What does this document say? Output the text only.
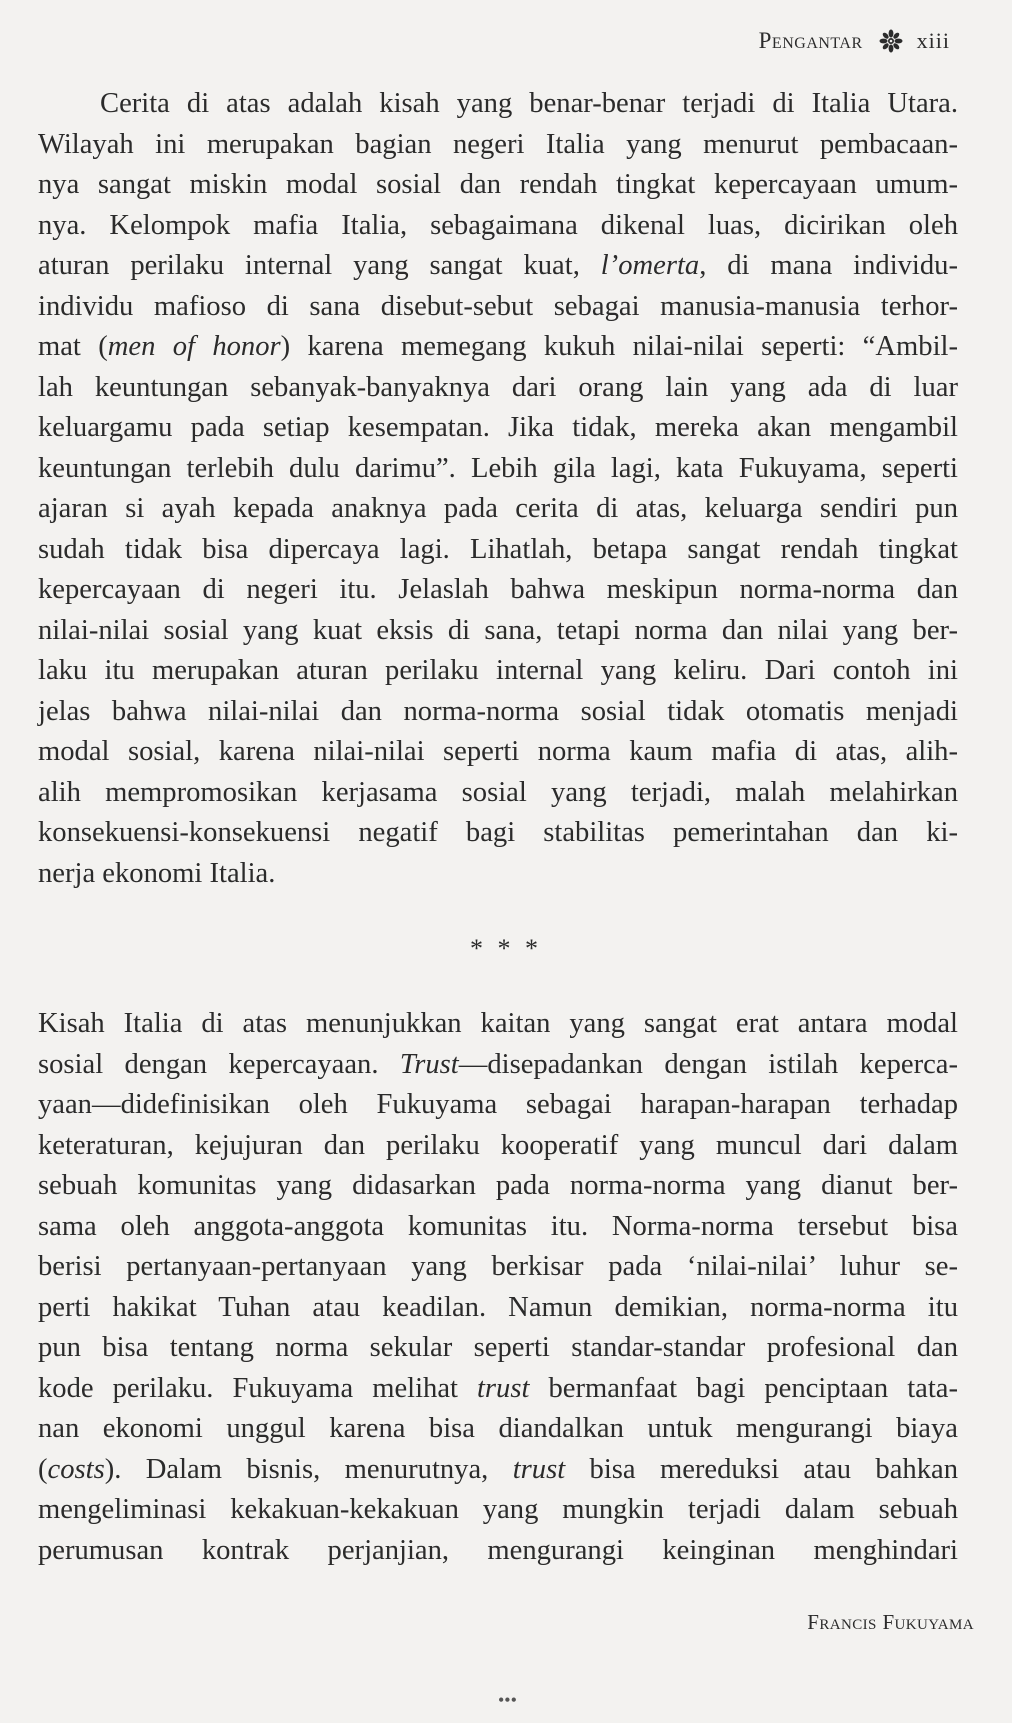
Pengantar xiii
Cerita di atas adalah kisah yang benar-benar terjadi di Italia Utara.
Wilayah ini merupakan bagian negeri Italia yang menurut pembacaan-
nya sangat miskin modal sosial dan rendah tingkat kepercayaan umum-
nya. Kelompok mafia Italia, sebagaimana dikenal luas, dicirikan oleh
aturan perilaku internal yang sangat kuat, l’omerta, di mana individu-
individu mafioso di sana disebut-sebut sebagai manusia-manusia terhor-
mat (men of honor) karena memegang kukuh nilai-nilai seperti: “Ambil-
lah keuntungan sebanyak-banyaknya dari orang lain yang ada di luar
keluargamu pada setiap kesempatan. Jika tidak, mereka akan mengambil
keuntungan terlebih dulu darimu”. Lebih gila lagi, kata Fukuyama, seperti
ajaran si ayah kepada anaknya pada cerita di atas, keluarga sendiri pun
sudah tidak bisa dipercaya lagi. Lihatlah, betapa sangat rendah tingkat
kepercayaan di negeri itu. Jelaslah bahwa meskipun norma-norma dan
nilai-nilai sosial yang kuat eksis di sana, tetapi norma dan nilai yang ber-
laku itu merupakan aturan perilaku internal yang keliru. Dari contoh ini
jelas bahwa nilai-nilai dan norma-norma sosial tidak otomatis menjadi
modal sosial, karena nilai-nilai seperti norma kaum mafia di atas, alih-
alih mempromosikan kerjasama sosial yang terjadi, malah melahirkan
konsekuensi-konsekuensi negatif bagi stabilitas pemerintahan dan ki-
nerja ekonomi Italia.
* * *
Kisah Italia di atas menunjukkan kaitan yang sangat erat antara modal
sosial dengan kepercayaan. Trust—disepadankan dengan istilah keperca-
yaan—didefinisikan oleh Fukuyama sebagai harapan-harapan terhadap
keteraturan, kejujuran dan perilaku kooperatif yang muncul dari dalam
sebuah komunitas yang didasarkan pada norma-norma yang dianut ber-
sama oleh anggota-anggota komunitas itu. Norma-norma tersebut bisa
berisi pertanyaan-pertanyaan yang berkisar pada ‘nilai-nilai’ luhur se-
perti hakikat Tuhan atau keadilan. Namun demikian, norma-norma itu
pun bisa tentang norma sekular seperti standar-standar profesional dan
kode perilaku. Fukuyama melihat trust bermanfaat bagi penciptaan tata-
nan ekonomi unggul karena bisa diandalkan untuk mengurangi biaya
(costs). Dalam bisnis, menurutnya, trust bisa mereduksi atau bahkan
mengeliminasi kekakuan-kekakuan yang mungkin terjadi dalam sebuah
perumusan kontrak perjanjian, mengurangi keinginan menghindari
Francis Fukuyama
•••
